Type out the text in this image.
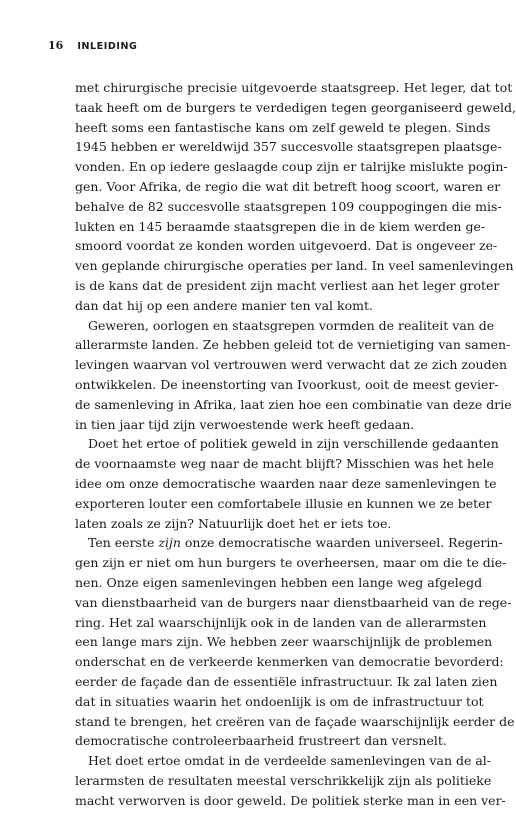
16 INLEIDING
met chirurgische precisie uitgevoerde staatsgreep. Het leger, dat tot
taak heeft om de burgers te verdedigen tegen georganiseerd geweld,
heeft soms een fantastische kans om zelf geweld te plegen. Sinds
1945 hebben er wereldwijd 357 succesvolle staatsgrepen plaatsge-
vonden. En op iedere geslaagde coup zijn er talrijke mislukte pogin-
gen. Voor Afrika, de regio die wat dit betreft hoog scoort, waren er
behalve de 82 succesvolle staatsgrepen 109 couppogingen die mis-
lukten en 145 beraamde staatsgrepen die in de kiem werden ge-
smoord voordat ze konden worden uitgevoerd. Dat is ongeveer ze-
ven geplande chirurgische operaties per land. In veel samenlevingen
is de kans dat de president zijn macht verliest aan het leger groter
dan dat hij op een andere manier ten val komt.
Geweren, oorlogen en staatsgrepen vormden de realiteit van de
allerarmste landen. Ze hebben geleid tot de vernietiging van samen-
levingen waarvan vol vertrouwen werd verwacht dat ze zich zouden
ontwikkelen. De ineenstorting van Ivoorkust, ooit de meest gevier-
de samenleving in Afrika, laat zien hoe een combinatie van deze drie
in tien jaar tijd zijn verwoestende werk heeft gedaan.
Doet het ertoe of politiek geweld in zijn verschillende gedaanten
de voornaamste weg naar de macht blijft? Misschien was het hele
idee om onze democratische waarden naar deze samenlevingen te
exporteren louter een comfortabele illusie en kunnen we ze beter
laten zoals ze zijn? Natuurlijk doet het er iets toe.
Ten eerste zijn onze democratische waarden universeel. Regerin-
gen zijn er niet om hun burgers te overheersen, maar om die te die-
nen. Onze eigen samenlevingen hebben een lange weg afgelegd
van dienstbaarheid van de burgers naar dienstbaarheid van de rege-
ring. Het zal waarschijnlijk ook in de landen van de allerarmsten
een lange mars zijn. We hebben zeer waarschijnlijk de problemen
onderschat en de verkeerde kenmerken van democratie bevorderd:
eerder de façade dan de essentiële infrastructuur. Ik zal laten zien
dat in situaties waarin het ondoenlijk is om de infrastructuur tot
stand te brengen, het creëren van de façade waarschijnlijk eerder de
democratische controleerbaarheid frustreert dan versnelt.
Het doet ertoe omdat in de verdeelde samenlevingen van de al-
lerarmsten de resultaten meestal verschrikkelijk zijn als politieke
macht verworven is door geweld. De politiek sterke man in een ver-
